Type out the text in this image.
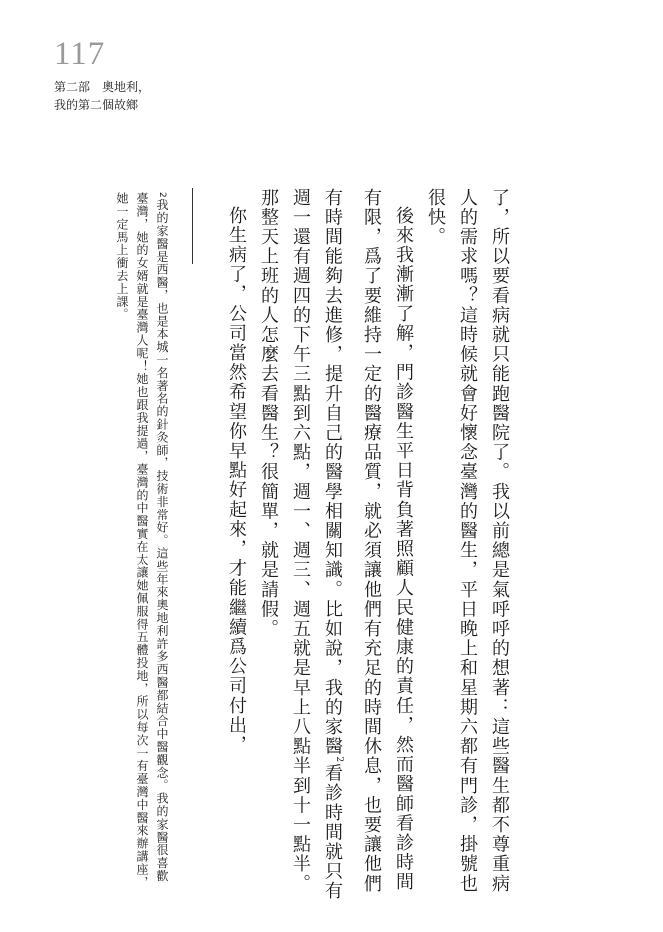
117
第二部　奧地利，
我的第二個故鄉

了，所以要看病就只能跑醫院了。我以前總是氣呼呼的想著：這些醫生都不尊重病人的需求嗎？這時候就會好懷念臺灣的醫生，平日晚上和星期六都有門診，掛號也很快。

後來我漸漸了解，門診醫生平日背負著照顧人民健康的責任，然而醫師看診時間有限，爲了要維持一定的醫療品質，就必須讓他們有充足的時間休息，也要讓他們有時間能夠去進修，提升自己的醫學相關知識。比如說，我的家醫$^2$看診時間就只有週一還有週四的下午三點到六點，週一、週三、週五就是早上八點半到十一點半。那整天上班的人怎麼去看醫生？很簡單，就是請假。

你生病了，公司當然希望你早點好起來，才能繼續爲公司付出，

2我的家醫是西醫，也是本城一名著名的針灸師，技術非常好。這些年來奧地利許多西醫都結合中醫觀念。我的家醫很喜歡臺灣，她的女婿就是臺灣人呢！她也跟我提過，臺灣的中醫實在太讓她佩服得五體投地，所以每次一有臺灣中醫來辦講座，她一定馬上衝去上課。
